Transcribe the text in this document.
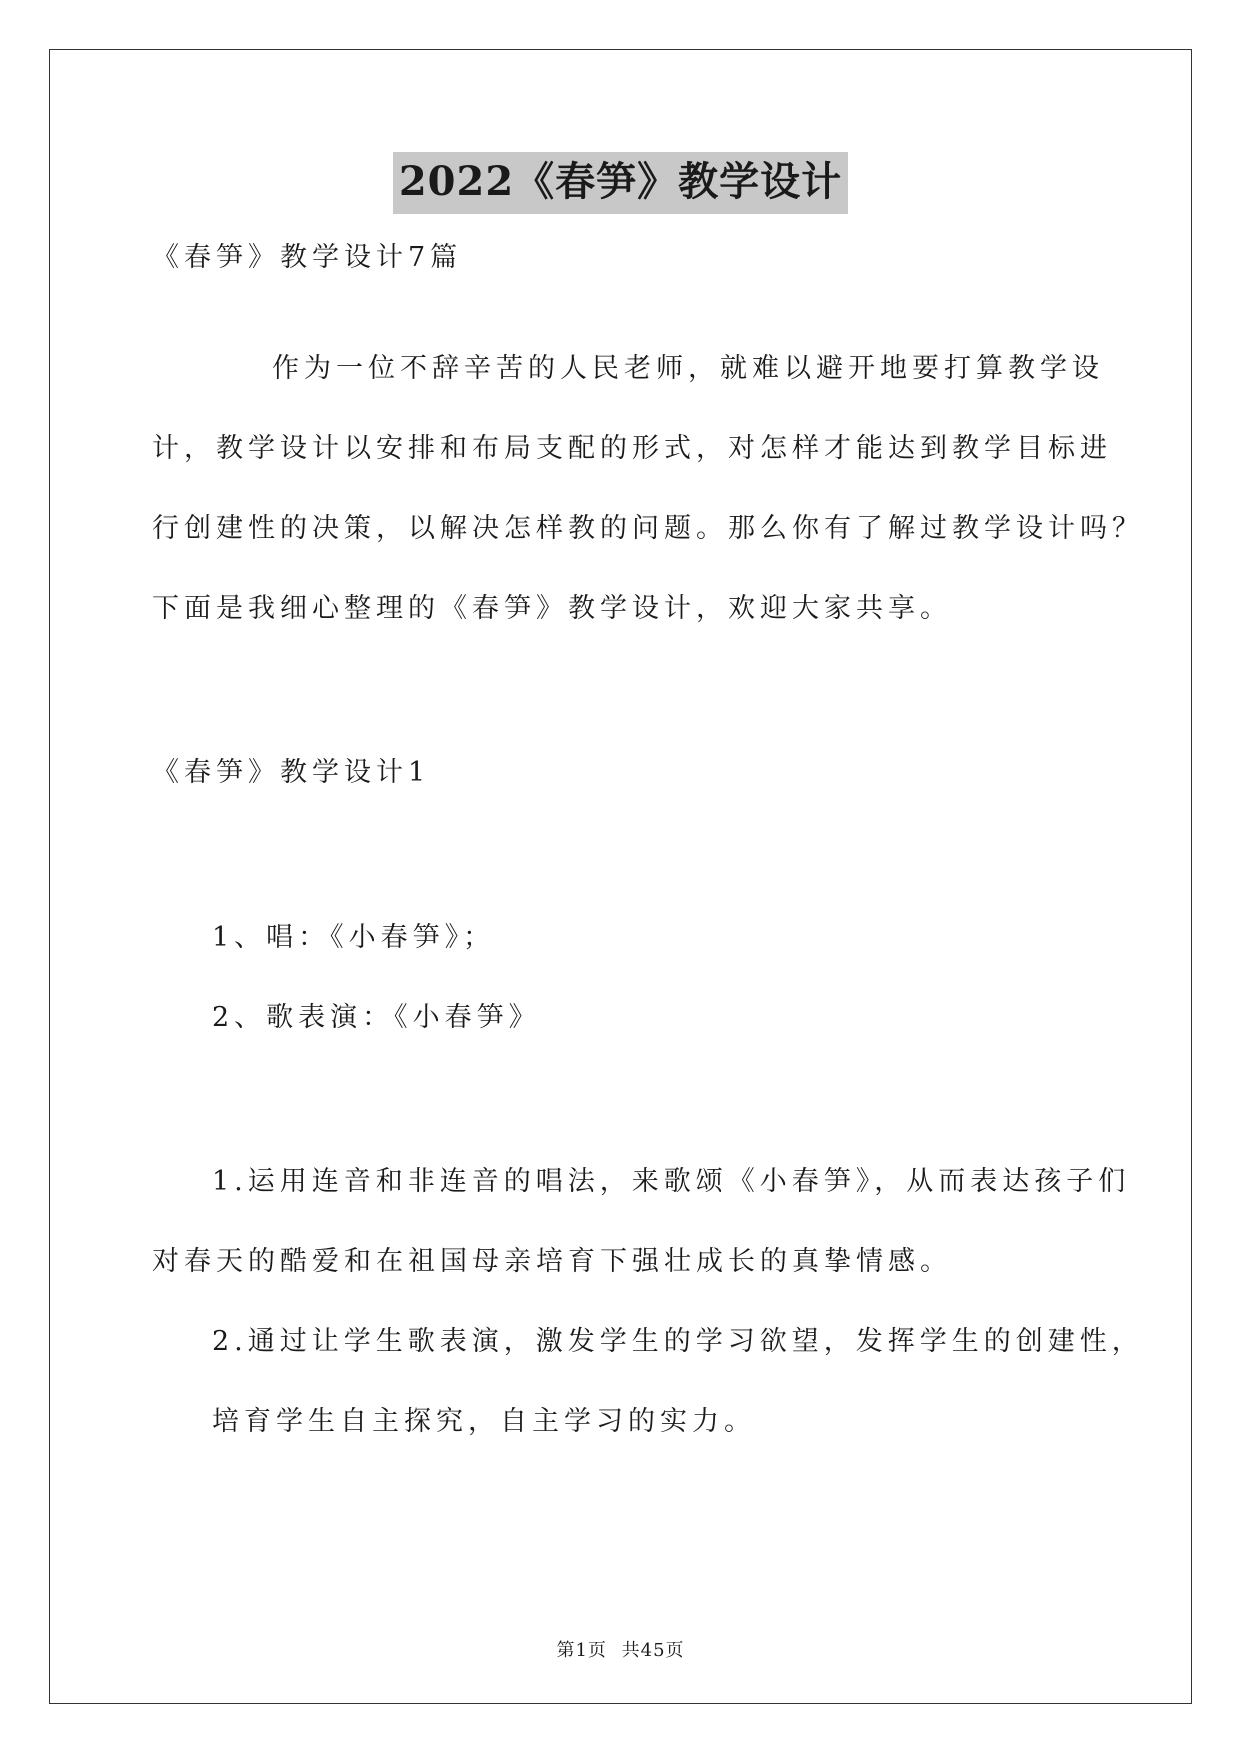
2022《春笋》教学设计
《春笋》教学设计7篇
作为一位不辞辛苦的人民老师，就难以避开地要打算教学设
计，教学设计以安排和布局支配的形式，对怎样才能达到教学目标进
行创建性的决策，以解决怎样教的问题。那么你有了解过教学设计吗？
下面是我细心整理的《春笋》教学设计，欢迎大家共享。
《春笋》教学设计1
1、唱：《小春笋》；
2、歌表演：《小春笋》
1.运用连音和非连音的唱法，来歌颂《小春笋》，从而表达孩子们
对春天的酷爱和在祖国母亲培育下强壮成长的真挚情感。
2.通过让学生歌表演，激发学生的学习欲望，发挥学生的创建性，
培育学生自主探究，自主学习的实力。
第1页 共45页
